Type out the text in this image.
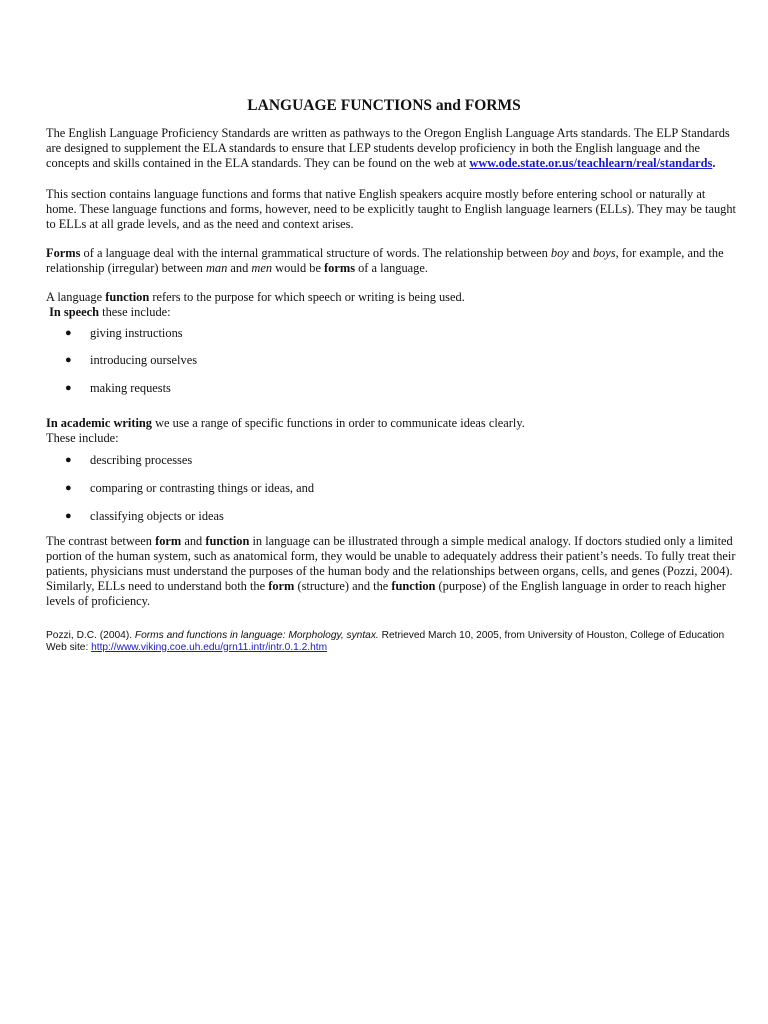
LANGUAGE FUNCTIONS and FORMS

The English Language Proficiency Standards are written as pathways to the Oregon English Language Arts standards. The ELP Standards are designed to supplement the ELA standards to ensure that LEP students develop proficiency in both the English language and the concepts and skills contained in the ELA standards. They can be found on the web at www.ode.state.or.us/teachlearn/real/standards.

This section contains language functions and forms that native English speakers acquire mostly before entering school or naturally at home. These language functions and forms, however, need to be explicitly taught to English language learners (ELLs). They may be taught to ELLs at all grade levels, and as the need and context arises.

Forms of a language deal with the internal grammatical structure of words. The relationship between boy and boys, for example, and the relationship (irregular) between man and men would be forms of a language.

A language function refers to the purpose for which speech or writing is being used.
In speech these include:

● giving instructions
● introducing ourselves
● making requests

In academic writing we use a range of specific functions in order to communicate ideas clearly.
These include:

● describing processes
● comparing or contrasting things or ideas, and
● classifying objects or ideas

The contrast between form and function in language can be illustrated through a simple medical analogy. If doctors studied only a limited portion of the human system, such as anatomical form, they would be unable to adequately address their patient’s needs. To fully treat their patients, physicians must understand the purposes of the human body and the relationships between organs, cells, and genes (Pozzi, 2004). Similarly, ELLs need to understand both the form (structure) and the function (purpose) of the English language in order to reach higher levels of proficiency.

Pozzi, D.C. (2004). Forms and functions in language: Morphology, syntax. Retrieved March 10, 2005, from University of Houston, College of Education Web site: http://www.viking.coe.uh.edu/grn11.intr/intr.0.1.2.htm
